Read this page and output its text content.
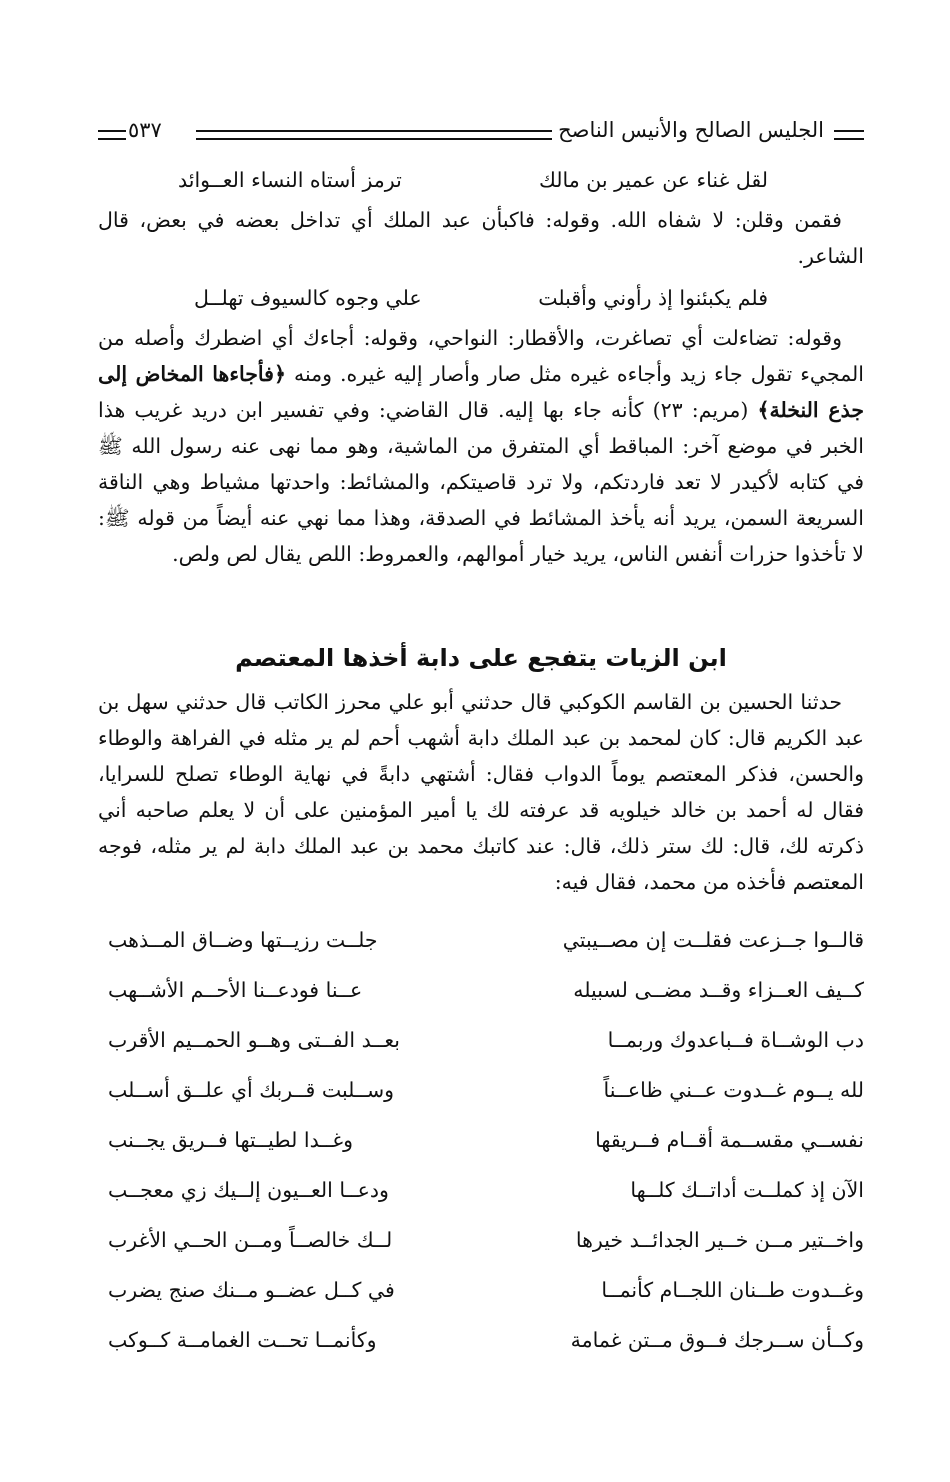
الجليس الصالح والأنيس الناصح
٥٣٧
لقل غناء عن عمير بن مالك
ترمز أستاه النساء العــوائد

فقمن وقلن: لا شفاه الله. وقوله: فاكبأن عبد الملك أي تداخل بعضه في بعض، قال الشاعر.

فلم يكبئنوا إذ رأوني وأقبلت
علي وجوه كالسيوف تهلــل

وقوله: تضاءلت أي تصاغرت، والأقطار: النواحي، وقوله: أجاءك أي اضطرك وأصله من المجيء تقول جاء زيد وأجاءه غيره مثل صار وأصار إليه غيره. ومنه ﴿فأجاءها المخاض إلى جذع النخلة﴾ (مريم: ٢٣) كأنه جاء بها إليه. قال القاضي: وفي تفسير ابن دريد غريب هذا الخبر في موضع آخر: المباقط أي المتفرق من الماشية، وهو مما نهى عنه رسول الله ﷺ في كتابه لأكيدر لا تعد فاردتكم، ولا ترد قاصيتكم، والمشائط: واحدتها مشياط وهي الناقة السريعة السمن، يريد أنه يأخذ المشائط في الصدقة، وهذا مما نهي عنه أيضاً من قوله ﷺ: لا تأخذوا حزرات أنفس الناس، يريد خيار أموالهم، والعمروط: اللص يقال لص ولص.

ابن الزيات يتفجع على دابة أخذها المعتصم

حدثنا الحسين بن القاسم الكوكبي قال حدثني أبو علي محرز الكاتب قال حدثني سهل بن عبد الكريم قال: كان لمحمد بن عبد الملك دابة أشهب أحم لم ير مثله في الفراهة والوطاء والحسن، فذكر المعتصم يوماً الدواب فقال: أشتهي دابةً في نهاية الوطاء تصلح للسرايا، فقال له أحمد بن خالد خيلويه قد عرفته لك يا أمير المؤمنين على أن لا يعلم صاحبه أني ذكرته لك، قال: لك ستر ذلك، قال: عند كاتبك محمد بن عبد الملك دابة لم ير مثله، فوجه المعتصم فأخذه من محمد، فقال فيه:

قالــوا جــزعت فقلــت إن مصــيبتي
جلــت رزيــتها وضــاق المــذهب
كــيف العــزاء وقــد مضــى لسبيله
عــنا فودعــنا الأحــم الأشــهب
دب الوشــاة فــباعدوك وربمــا
بعــد الفــتى وهــو الحمــيم الأقرب
لله يــوم غــدوت عــني ظاعــناً
وســلبت قــربك أي علــق أســلب
نفســي مقســمة أقــام فــريقها
وغــدا لطيــتها فــريق يجــنب
الآن إذ كملــت أداتــك كلــها
ودعــا العــيون إلــيك زي معجــب
واخــتير مــن خــير الجدائــد خيرها
لــك خالصــاً ومــن الحــي الأغرب
وغــدوت طــنان اللجــام كأنمــا
في كــل عضــو مــنك صنج يضرب
وكــأن ســرجك فــوق مــتن غمامة
وكأنمــا تحــت الغمامــة كــوكب
